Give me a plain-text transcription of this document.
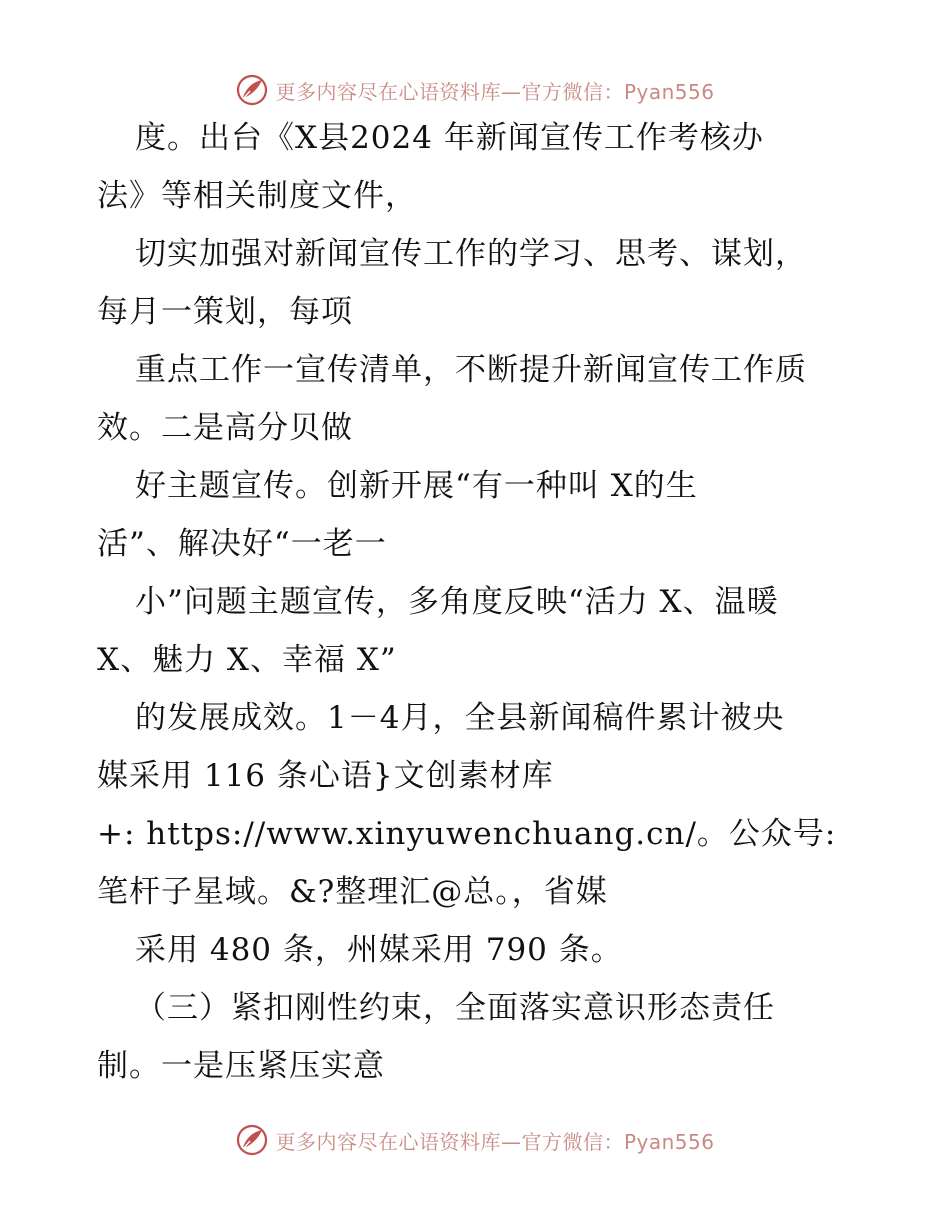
更多内容尽在心语资料库—官方微信：Pyan556
度。出台《X县2024 年新闻宣传工作考核办
法》等相关制度文件，
切实加强对新闻宣传工作的学习、思考、谋划，
每月一策划，每项
重点工作一宣传清单，不断提升新闻宣传工作质
效。二是高分贝做
好主题宣传。创新开展“有一种叫 X的生
活”、解决好“一老一
小”问题主题宣传，多角度反映“活力 X、温暖
X、魅力 X、幸福 X”
的发展成效。1－4月，全县新闻稿件累计被央
媒采用 116 条心语}文创素材库
+: https://www.xinyuwenchuang.cn/。公众号:
笔杆子星域。&?整理汇@总。，省媒
采用 480 条，州媒采用 790 条。
（三）紧扣刚性约束，全面落实意识形态责任
制。一是压紧压实意
更多内容尽在心语资料库—官方微信：Pyan556
